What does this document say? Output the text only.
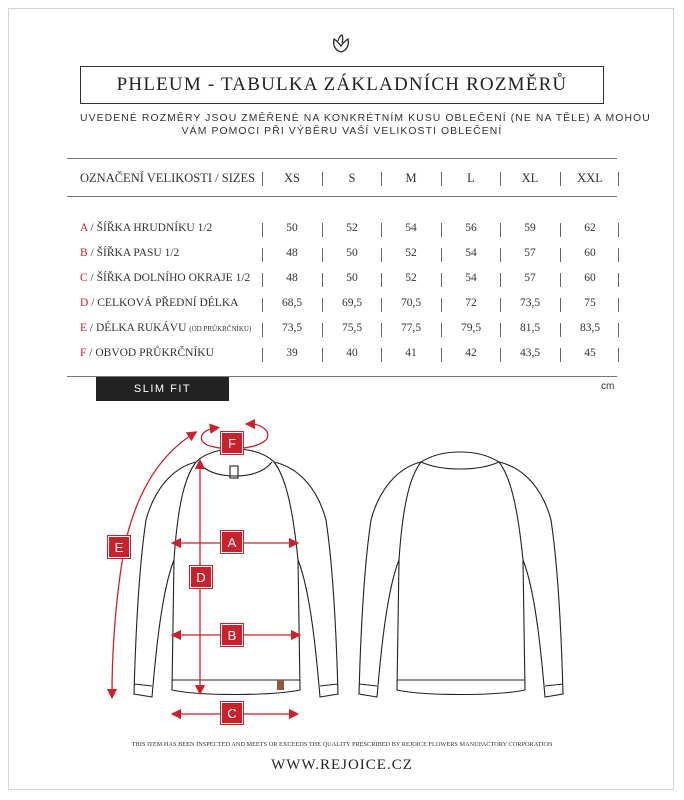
PHLEUM - TABULKA ZÁKLADNÍCH ROZMĚRŮ
UVEDENÉ ROZMĚRY JSOU ZMĚŘENÉ NA KONKRÉTNÍM KUSU OBLEČENÍ (NE NA TĚLE) A MOHOU
VÁM POMOCI PŘI VÝBĚRU VAŠÍ VELIKOSTI OBLEČENÍ
OZNAČENÍ VELIKOSTI / SIZES	XS	S	M	L	XL	XXL
A / ŠÍŘKA HRUDNÍKU 1/2	50	52	54	56	59	62
B / ŠÍŘKA PASU 1/2	48	50	52	54	57	60
C / ŠÍŘKA DOLNÍHO OKRAJE 1/2	48	50	52	54	57	60
D / CELKOVÁ PŘEDNÍ DÉLKA	68,5	69,5	70,5	72	73,5	75
E / DÉLKA RUKÁVU (OD PRŮKRČNÍKU)	73,5	75,5	77,5	79,5	81,5	83,5
F / OBVOD PRŮKRČNÍKU	39	40	41	42	43,5	45
SLIM FIT	cm
F
E	A
D
B
C
THIS ITEM HAS BEEN INSPECTED AND MEETS OR EXCEEDS THE QUALITY PRESCRIBED BY REJOICE FLOWERS MANUFACTORY CORPORATION
WWW.REJOICE.CZ
